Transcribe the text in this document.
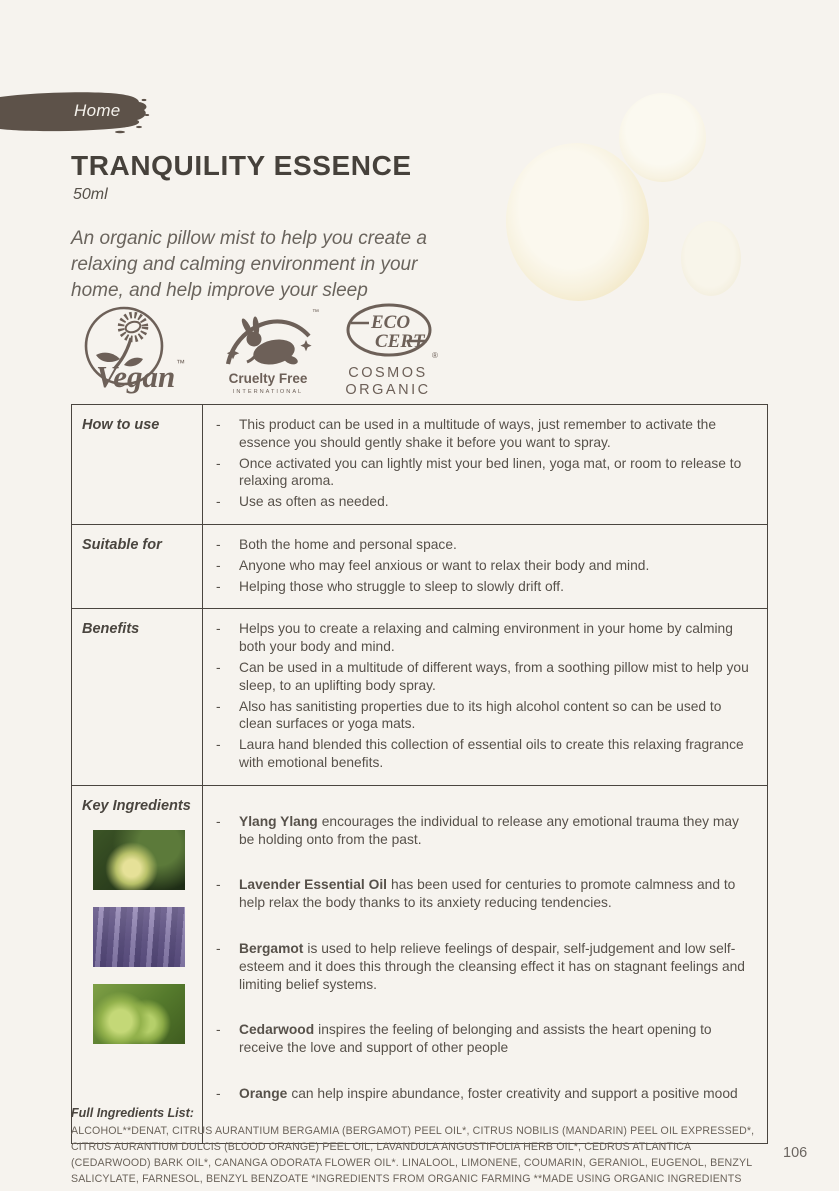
Home
TRANQUILITY ESSENCE
50ml

An organic pillow mist to help you create a relaxing and calming environment in your home, and help improve your sleep

Vegan ™
™
Cruelty Free
INTERNATIONAL
ECO
CERT
®
COSMOS
ORGANIC
How to use	-	This product can be used in a multitude of ways, just remember to activate the essence you should gently shake it before you want to spray.
-	Once activated you can lightly mist your bed linen, yoga mat, or room to release to relaxing aroma.
-	Use as often as needed.
Suitable for	-	Both the home and personal space.
-	Anyone who may feel anxious or want to relax their body and mind.
-	Helping those who struggle to sleep to slowly drift off.
Benefits	-	Helps you to create a relaxing and calming environment in your home by calming both your body and mind.
-	Can be used in a multitude of different ways, from a soothing pillow mist to help you sleep, to an uplifting body spray.
-	Also has sanitisting properties due to its high alcohol content so can be used to clean surfaces or yoga mats.
-	Laura hand blended this collection of essential oils to create this relaxing fragrance with emotional benefits.
Key Ingredients
-	Ylang Ylang encourages the individual to release any emotional trauma they may be holding onto from the past.

-	Lavender Essential Oil has been used for centuries to promote calmness and to help relax the body thanks to its anxiety reducing tendencies.

-	Bergamot is used to help relieve feelings of despair, self-judgement and low self-esteem and it does this through the cleansing effect it has on stagnant feelings and limiting belief systems.

-	Cedarwood inspires the feeling of belonging and assists the heart opening to receive the love and support of other people

-	Orange can help inspire abundance, foster creativity and support a positive mood

Full Ingredients List:

ALCOHOL**DENAT, CITRUS AURANTIUM BERGAMIA (BERGAMOT) PEEL OIL*, CITRUS NOBILIS (MANDARIN) PEEL OIL EXPRESSED*, CITRUS AURANTIUM DULCIS (BLOOD ORANGE) PEEL OIL, LAVANDULA ANGUSTIFOLIA HERB OIL*, CEDRUS ATLANTICA (CEDARWOOD) BARK OIL*, CANANGA ODORATA FLOWER OIL*. LINALOOL, LIMONENE, COUMARIN, GERANIOL, EUGENOL, BENZYL SALICYLATE, FARNESOL, BENZYL BENZOATE *INGREDIENTS FROM ORGANIC FARMING **MADE USING ORGANIC INGREDIENTS

106
